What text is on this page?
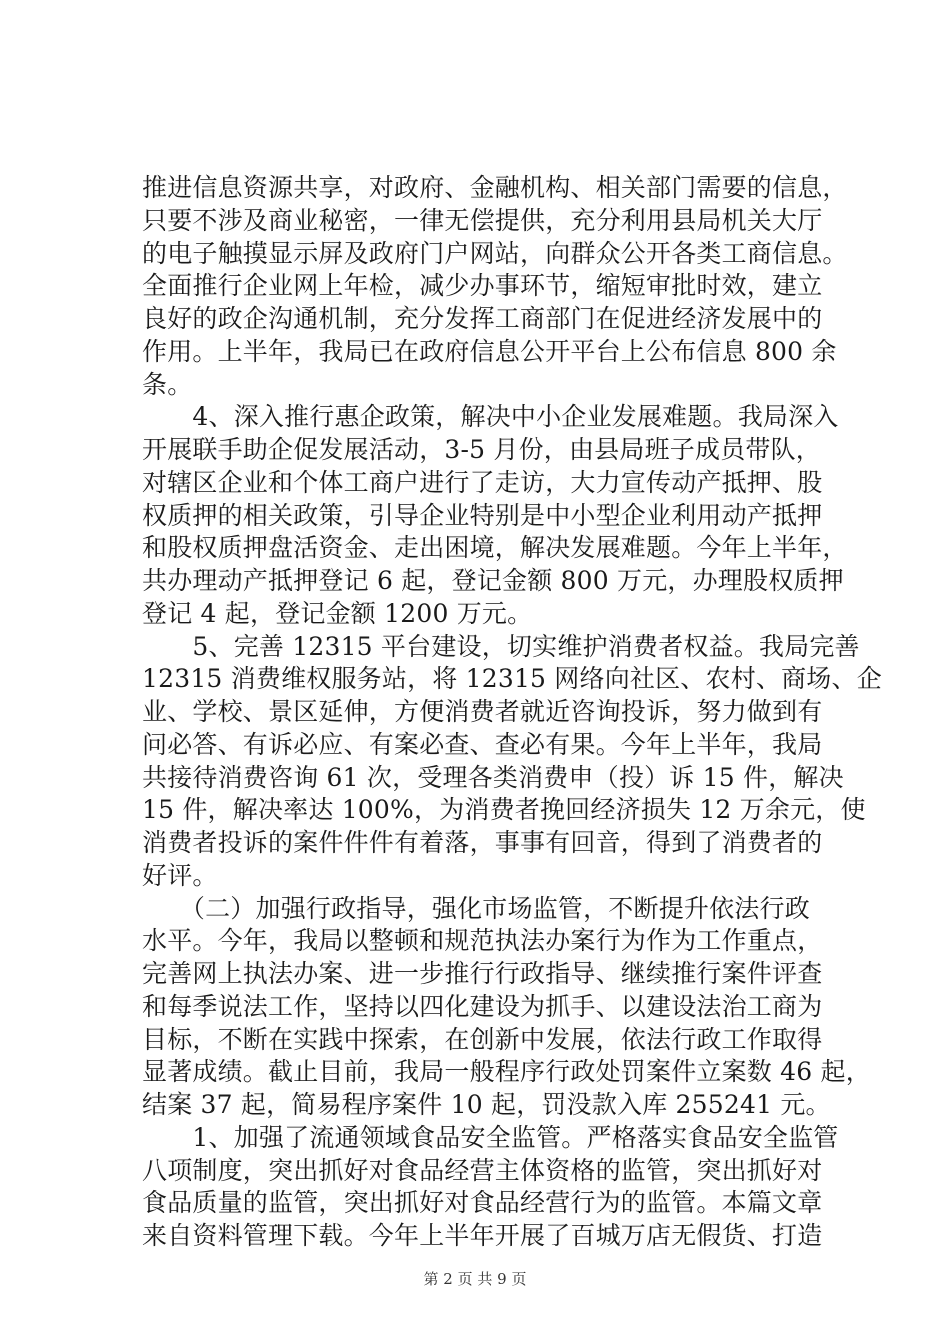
推进信息资源共享，对政府、金融机构、相关部门需要的信息，
只要不涉及商业秘密，一律无偿提供，充分利用县局机关大厅
的电子触摸显示屏及政府门户网站，向群众公开各类工商信息。
全面推行企业网上年检，减少办事环节，缩短审批时效，建立
良好的政企沟通机制，充分发挥工商部门在促进经济发展中的
作用。上半年，我局已在政府信息公开平台上公布信息 800 余
条。
　　4、深入推行惠企政策，解决中小企业发展难题。我局深入
开展联手助企促发展活动，3-5 月份，由县局班子成员带队，
对辖区企业和个体工商户进行了走访，大力宣传动产抵押、股
权质押的相关政策，引导企业特别是中小型企业利用动产抵押
和股权质押盘活资金、走出困境，解决发展难题。今年上半年，
共办理动产抵押登记 6 起，登记金额 800 万元，办理股权质押
登记 4 起，登记金额 1200 万元。
　　5、完善 12315 平台建设，切实维护消费者权益。我局完善
12315 消费维权服务站，将 12315 网络向社区、农村、商场、企
业、学校、景区延伸，方便消费者就近咨询投诉，努力做到有
问必答、有诉必应、有案必查、查必有果。今年上半年，我局
共接待消费咨询 61 次，受理各类消费申（投）诉 15 件，解决
15 件，解决率达 100%，为消费者挽回经济损失 12 万余元，使
消费者投诉的案件件件有着落，事事有回音，得到了消费者的
好评。
　　（二）加强行政指导，强化市场监管，不断提升依法行政
水平。今年，我局以整顿和规范执法办案行为作为工作重点，
完善网上执法办案、进一步推行行政指导、继续推行案件评查
和每季说法工作，坚持以四化建设为抓手、以建设法治工商为
目标，不断在实践中探索，在创新中发展，依法行政工作取得
显著成绩。截止目前，我局一般程序行政处罚案件立案数 46 起，
结案 37 起，简易程序案件 10 起，罚没款入库 255241 元。
　　1、加强了流通领域食品安全监管。严格落实食品安全监管
八项制度，突出抓好对食品经营主体资格的监管，突出抓好对
食品质量的监管，突出抓好对食品经营行为的监管。本篇文章
来自资料管理下载。今年上半年开展了百城万店无假货、打造
第 2 页 共 9 页
